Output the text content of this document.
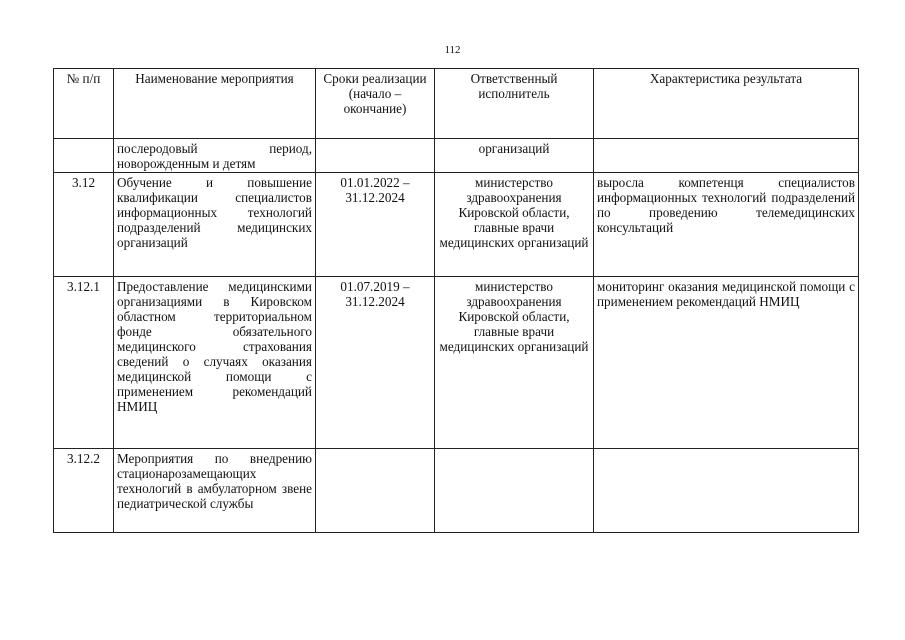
112
№ п/п	Наименование мероприятия	Сроки реализации (начало – окончание)	Ответственный исполнитель	Характеристика результата
	послеродовый период, новорожденным и детям		организаций	
3.12	Обучение и повышение квалификации специалистов информационных технологий подразделений медицинских организаций	01.01.2022 – 31.12.2024	министерство здравоохранения Кировской области, главные врачи медицинских организаций	выросла компетенця специалистов информационных технологий подразделений по проведению телемедицинских консультаций
3.12.1	Предоставление медицинскими организациями в Кировском областном территориальном фонде обязательного медицинского страхования сведений о случаях оказания медицинской помощи с применением рекомендаций НМИЦ	01.07.2019 – 31.12.2024	министерство здравоохранения Кировской области, главные врачи медицинских организаций	мониторинг оказания медицинской помощи с применением рекомендаций НМИЦ
3.12.2	Мероприятия по внедрению стационарозамещающих технологий в амбулаторном звене педиатрической службы			
